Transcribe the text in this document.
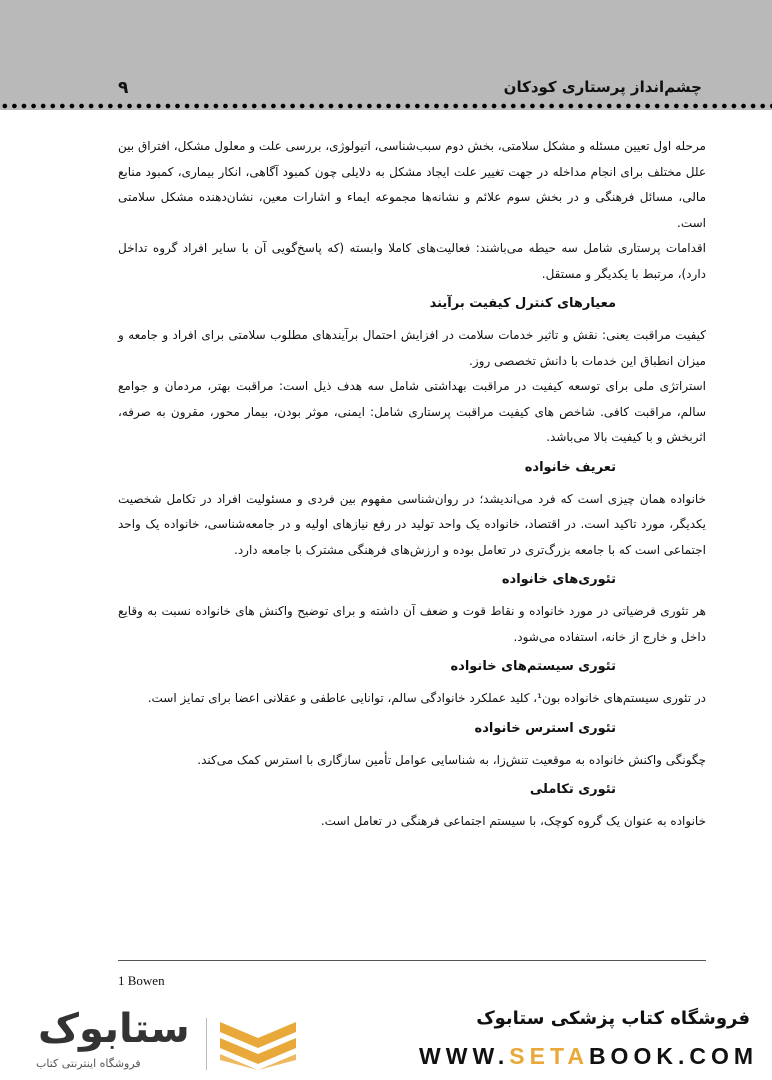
چشم‌انداز پرستاری کودکان
۹

مرحله اول تعیین مسئله و مشکل سلامتی، بخش دوم سبب‌شناسی، اتیولوژی، بررسی علت و معلول مشکل، افتراق بین علل مختلف برای انجام مداخله در جهت تغییر علت ایجاد مشکل به دلایلی چون کمبود آگاهی، انکار بیماری، کمبود منابع مالی، مسائل فرهنگی و در بخش سوم علائم و نشانه‌ها مجموعه ایماء و اشارات معین، نشان‌دهنده مشکل سلامتی است.

اقدامات پرستاری شامل سه حیطه می‌باشند: فعالیت‌های کاملا وابسته (که پاسخ‌گویی آن با سایر افراد گروه تداخل دارد)، مرتبط با یکدیگر و مستقل.

معیارهای کنترل کیفیت برآیند

کیفیت مراقبت یعنی: نقش و تاثیر خدمات سلامت در افزایش احتمال برآیندهای مطلوب سلامتی برای افراد و جامعه و میزان انطباق این خدمات با دانش تخصصی روز.

استراتژی ملی برای توسعه کیفیت در مراقبت بهداشتی شامل سه هدف ذیل است: مراقبت بهتر، مردمان و جوامع سالم، مراقبت کافی. شاخص های کیفیت مراقبت پرستاری شامل: ایمنی، موثر بودن، بیمار محور، مقرون به صرفه، اثربخش و با کیفیت بالا می‌باشد.

تعریف خانواده

خانواده همان چیزی است که فرد می‌اندیشد؛ در روان‌شناسی مفهوم بین فردی و مسئولیت افراد در تکامل شخصیت یکدیگر، مورد تاکید است. در اقتصاد، خانواده یک واحد تولید در رفع نیازهای اولیه و در جامعه‌شناسی، خانواده یک واحد اجتماعی است که با جامعه بزرگ‌تری در تعامل بوده و ارزش‌های فرهنگی مشترک با جامعه دارد.

تئوری‌های خانواده

هر تئوری فرضیاتی در مورد خانواده و نقاط قوت و ضعف آن داشته و برای توضیح واکنش های خانواده نسبت به وقایع داخل و خارج از خانه، استفاده می‌شود.

تئوری سیستم‌های خانواده

در تئوری سیستم‌های خانواده بون¹، کلید عملکرد خانوادگی سالم، توانایی عاطفی و عقلانی اعضا برای تمایز است.

تئوری استرس خانواده

چگونگی واکنش خانواده به موقعیت تنش‌زا، به شناسایی عوامل تأمین سازگاری با استرس کمک می‌کند.

تئوری تکاملی

خانواده به عنوان یک گروه کوچک، با سیستم اجتماعی فرهنگی در تعامل است.

1 Bowen
فروشگاه کتاب پزشکی ستابوک
WWW.SETABOOK.COM
ستابوک
فروشگاه اینترنتی کتاب
